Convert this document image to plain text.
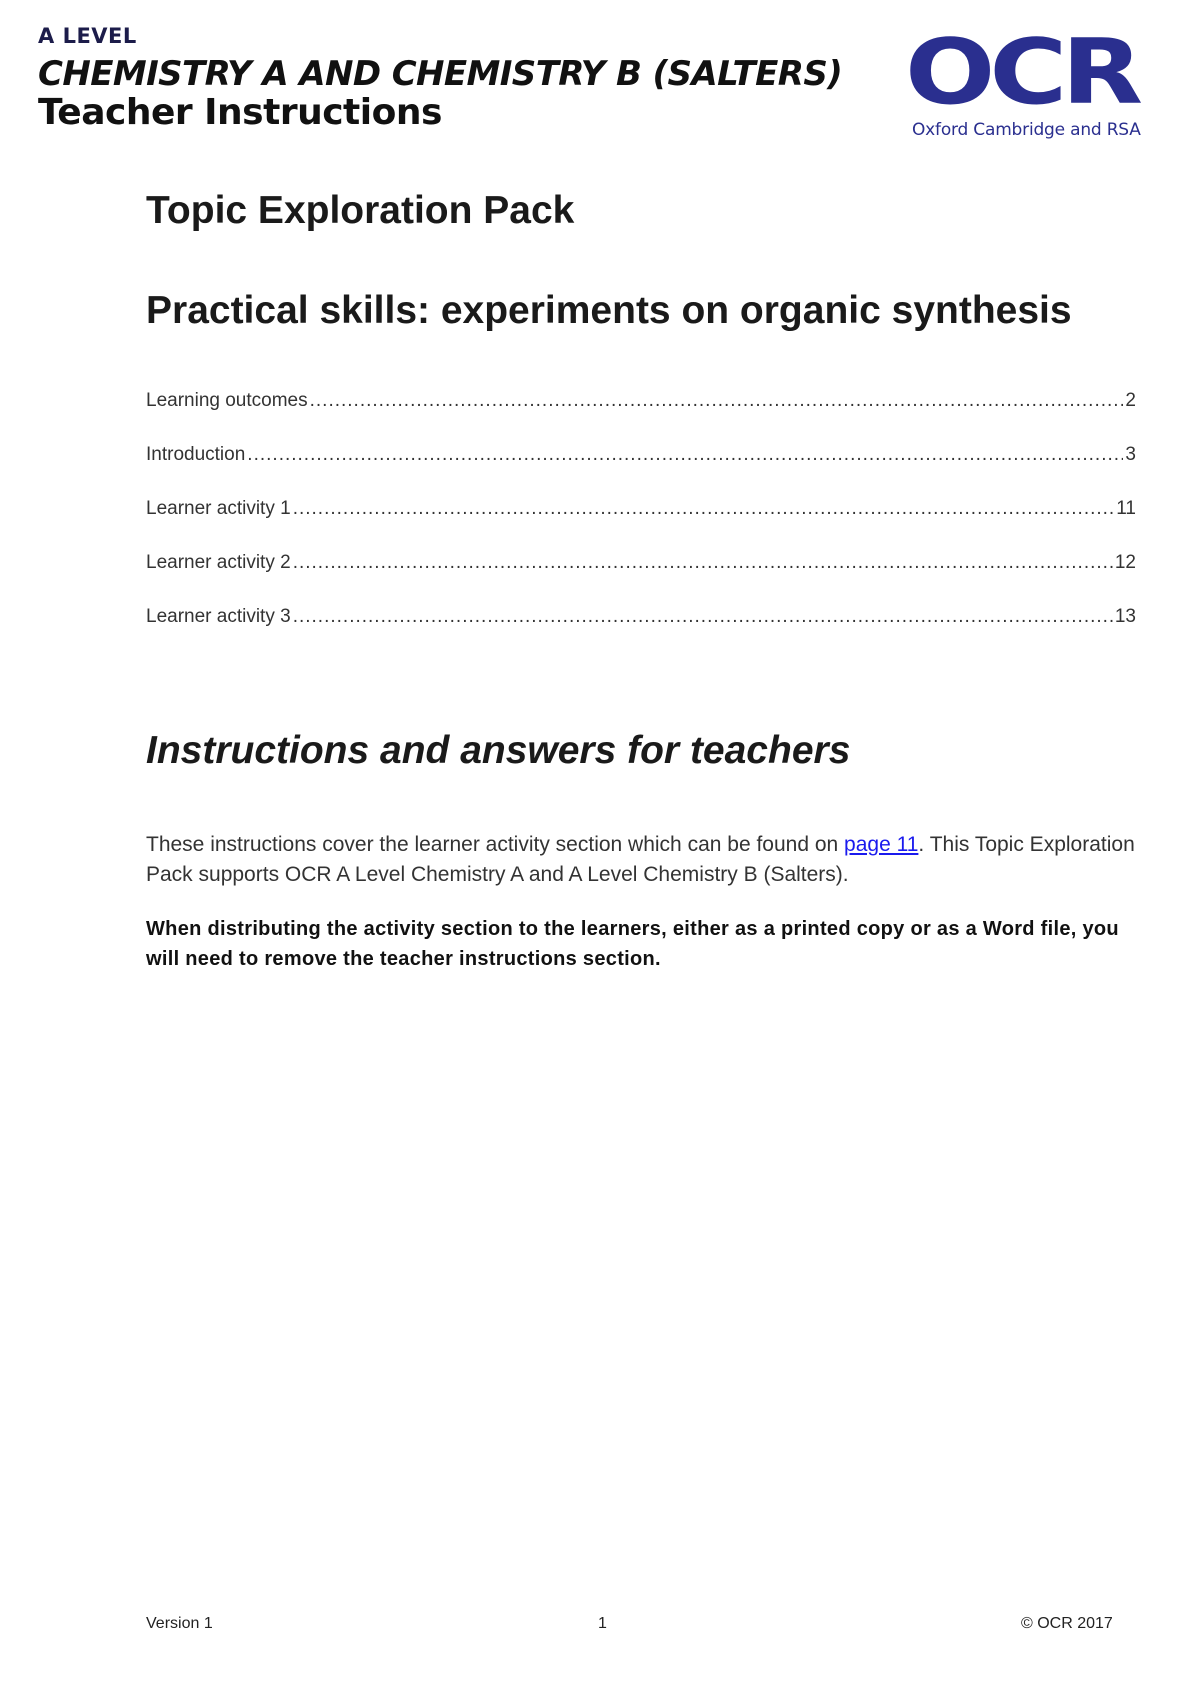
A LEVEL
CHEMISTRY A AND CHEMISTRY B (SALTERS)
Teacher Instructions	OCR
Oxford Cambridge and RSA
Topic Exploration Pack
Practical skills: experiments on organic synthesis
Learning outcomes .....	2
Introduction .....	3
Learner activity 1 .....	11
Learner activity 2 .....	12
Learner activity 3 .....	13
Instructions and answers for teachers

These instructions cover the learner activity section which can be found on page 11. This Topic Exploration Pack supports OCR A Level Chemistry A and A Level Chemistry B (Salters).

When distributing the activity section to the learners, either as a printed copy or as a Word file, you will need to remove the teacher instructions section.

Version 1	1	© OCR 2017
